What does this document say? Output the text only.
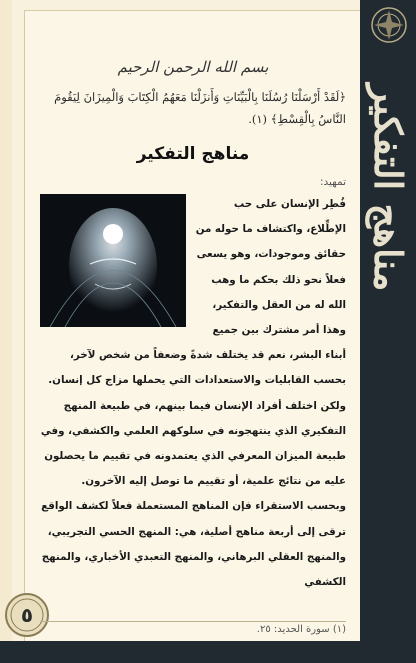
مناهج التفكير
٥
بسم الله الرحمن الرحيم
﴿لَقَدْ أَرْسَلْنَا رُسُلَنَا بِالْبَيِّنَاتِ وَأَنزَلْنَا مَعَهُمُ الْكِتَابَ وَالْمِيزَانَ لِيَقُومَ النَّاسُ بِالْقِسْطِ﴾ (١).
مناهج التفكير
تمهيد:

فُطِر الإنسان على حب الإطِّلاع، واكتشاف ما حوله من حقائق وموجودات، وهو يسعى فعلاً نحو ذلك بحكم ما وهب الله له من العقل والتفكير، وهذا أمر مشترك بين جميع أبناء البشر، نعم قد يختلف شدةً وضعفاً من شخص لآخر، بحسب القابليات والاستعدادات التي يحملها مزاج كل إنسان.

ولكن اختلف أفراد الإنسان فيما بينهم، في طبيعة المنهج التفكيري الذي ينتهجونه في سلوكهم العلمي والكشفي، وفي طبيعة الميزان المعرفي الذي يعتمدونه في تقييم ما يحصلون عليه من نتائج علمية، أو تقييم ما توصل إليه الآخرون.

وبحسب الاستقراء فإن المناهج المستعملة فعلاً لكشف الواقع ترقى إلى أربعة مناهج أصلية، هي: المنهج الحسي التجريبي، والمنهج العقلي البرهاني، والمنهج التعبدي الأخباري، والمنهج الكشفي

(١) سورة الحديد: ٢٥.
